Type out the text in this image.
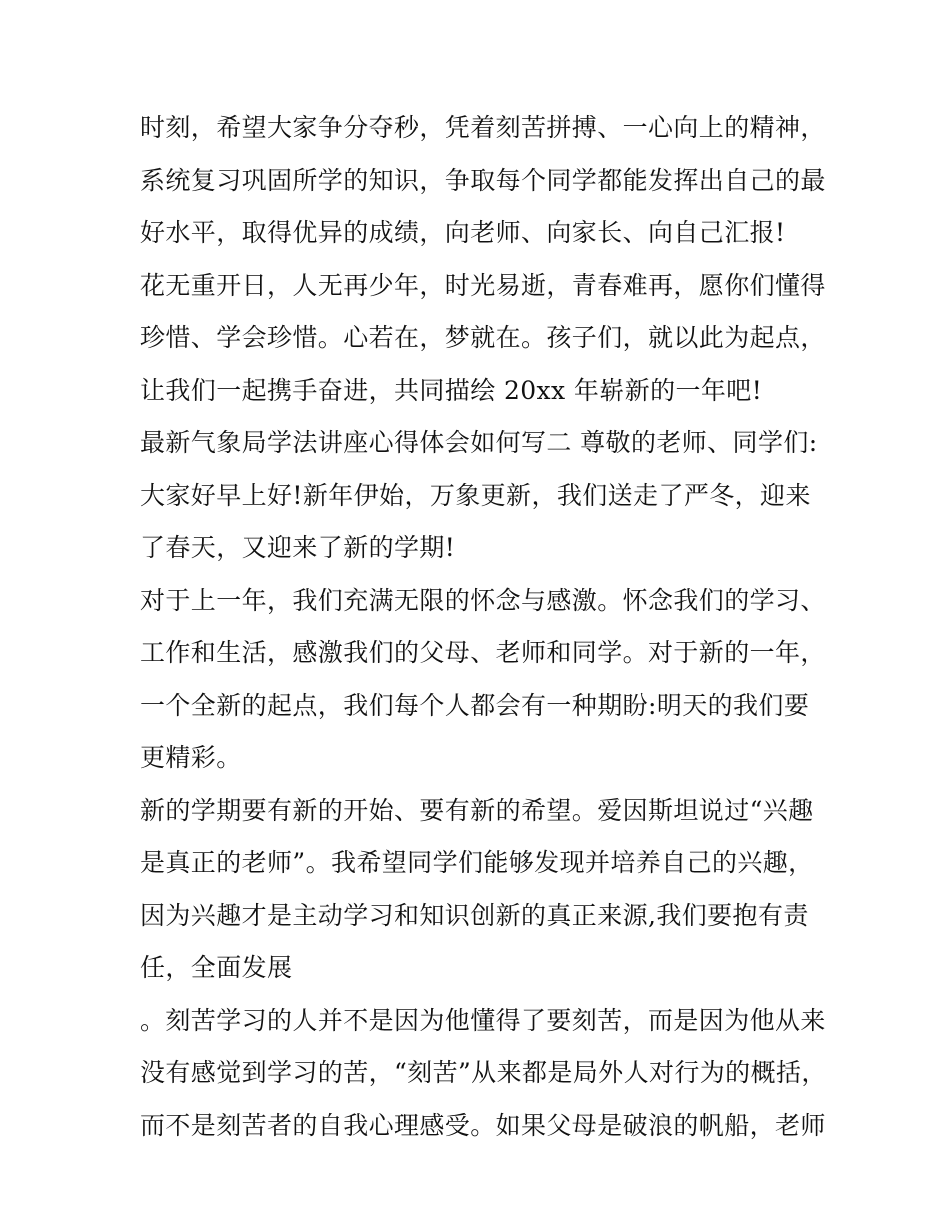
时刻，希望大家争分夺秒，凭着刻苦拼搏、一心向上的精神，
系统复习巩固所学的知识，争取每个同学都能发挥出自己的最
好水平，取得优异的成绩，向老师、向家长、向自己汇报!
花无重开日，人无再少年，时光易逝，青春难再，愿你们懂得
珍惜、学会珍惜。心若在，梦就在。孩子们，就以此为起点，
让我们一起携手奋进，共同描绘 20xx 年崭新的一年吧!
最新气象局学法讲座心得体会如何写二 尊敬的老师、同学们:
大家好早上好!新年伊始，万象更新，我们送走了严冬，迎来
了春天，又迎来了新的学期!
对于上一年，我们充满无限的怀念与感激。怀念我们的学习、
工作和生活，感激我们的父母、老师和同学。对于新的一年，
一个全新的起点，我们每个人都会有一种期盼:明天的我们要
更精彩。
新的学期要有新的开始、要有新的希望。爱因斯坦说过“兴趣
是真正的老师”。我希望同学们能够发现并培养自己的兴趣，
因为兴趣才是主动学习和知识创新的真正来源,我们要抱有责
任，全面发展
。刻苦学习的人并不是因为他懂得了要刻苦，而是因为他从来
没有感觉到学习的苦，“刻苦”从来都是局外人对行为的概括，
而不是刻苦者的自我心理感受。如果父母是破浪的帆船，老师
